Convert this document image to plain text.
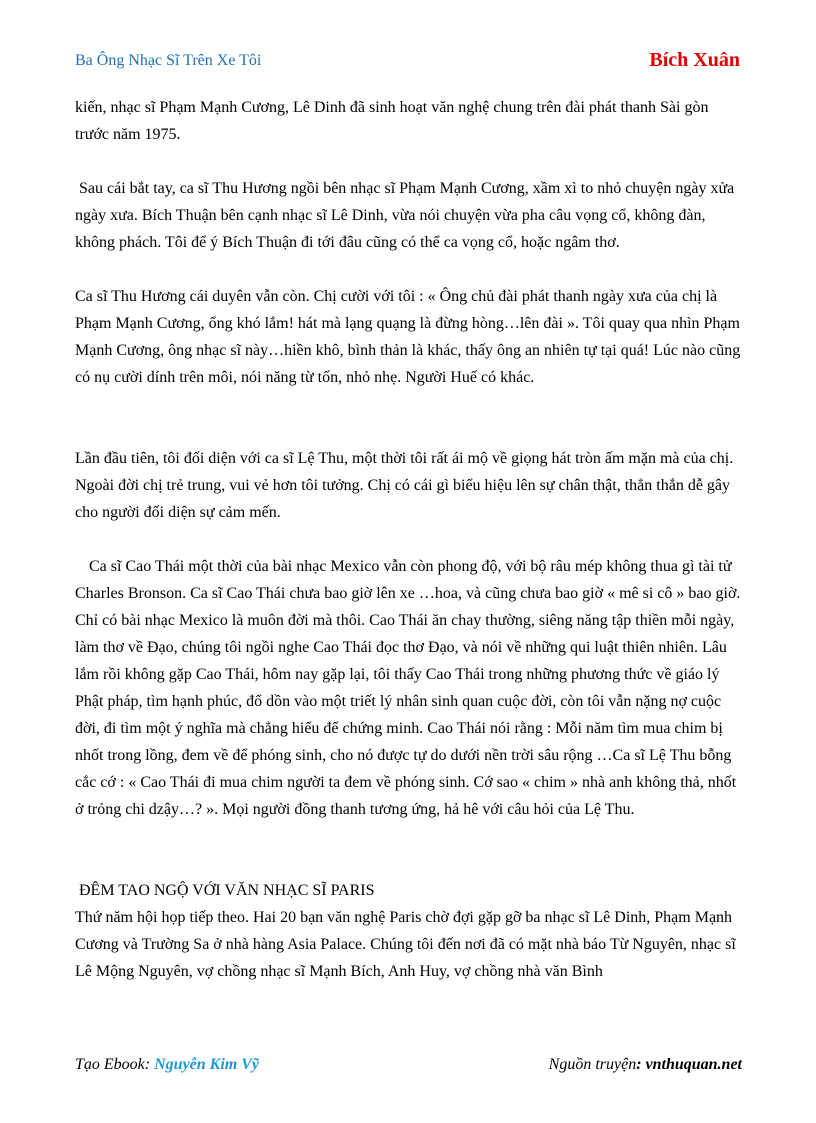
Ba Ông Nhạc Sĩ Trên Xe Tôi	Bích Xuân

kiến, nhạc sĩ Phạm Mạnh Cương, Lê Dinh đã sinh hoạt văn nghệ chung trên đài phát thanh Sài gòn trước năm 1975.

Sau cái bắt tay, ca sĩ Thu Hương ngồi bên nhạc sĩ Phạm Mạnh Cương, xầm xì to nhỏ chuyện ngày xửa ngày xưa. Bích Thuận bên cạnh nhạc sĩ Lê Dinh, vừa nói chuyện vừa pha câu vọng cổ, không đàn, không phách. Tôi để ý Bích Thuận đi tới đâu cũng có thể ca vọng cổ, hoặc ngâm thơ.

Ca sĩ Thu Hương cái duyên vẫn còn. Chị cười với tôi : « Ông chủ đài phát thanh ngày xưa của chị là Phạm Mạnh Cương, ổng khó lắm! hát mà lạng quạng là đừng hòng…lên đài ». Tôi quay qua nhìn Phạm Mạnh Cương, ông nhạc sĩ này…hiền khô, bình thản là khác, thấy ông an nhiên tự tại quá! Lúc nào cũng có nụ cười dính trên môi, nói năng từ tốn, nhỏ nhẹ. Người Huế có khác.

Lần đầu tiên, tôi đối diện với ca sĩ Lệ Thu, một thời tôi rất ái mộ về giọng hát tròn ấm mặn mà của chị. Ngoài đời chị trẻ trung, vui vẻ hơn tôi tưởng. Chị có cái gì biểu hiệu lên sự chân thật, thẳn thắn dễ gây cho người đối diện sự cảm mến.

Ca sĩ Cao Thái một thời của bài nhạc Mexico vẫn còn phong độ, với bộ râu mép không thua gì tài tử Charles Bronson. Ca sĩ Cao Thái chưa bao giờ lên xe …hoa, và cũng chưa bao giờ « mê si cô » bao giờ. Chỉ có bài nhạc Mexico là muôn đời mà thôi. Cao Thái ăn chay thường, siêng năng tập thiền mỗi ngày, làm thơ về Đạo, chúng tôi ngồi nghe Cao Thái đọc thơ Đạo, và nói về những qui luật thiên nhiên. Lâu lắm rồi không gặp Cao Thái, hôm nay gặp lại, tôi thấy Cao Thái trong những phương thức về giáo lý Phật pháp, tìm hạnh phúc, đổ dồn vào một triết lý nhân sinh quan cuộc đời, còn tôi vẫn nặng nợ cuộc đời, đi tìm một ý nghĩa mà chẳng hiểu để chứng minh. Cao Thái nói rằng : Mỗi năm tìm mua chim bị nhốt trong lồng, đem về để phóng sinh, cho nó được tự do dưới nền trời sâu rộng …Ca sĩ Lệ Thu bỗng cắc cớ : « Cao Thái đi mua chim người ta đem về phóng sinh. Cớ sao « chim » nhà anh không thả, nhốt ở trỏng chi dzậy…? ». Mọi người đồng thanh tương ứng, hả hê với câu hỏi của Lệ Thu.

ĐÊM TAO NGỘ VỚI VĂN NHẠC SĨ PARIS

Thứ năm hội họp tiếp theo. Hai 20 bạn văn nghệ Paris chờ đợi gặp gỡ ba nhạc sĩ Lê Dinh, Phạm Mạnh Cương và Trường Sa ở nhà hàng Asia Palace. Chúng tôi đến nơi đã có mặt nhà báo Từ Nguyên, nhạc sĩ Lê Mộng Nguyên, vợ chồng nhạc sĩ Mạnh Bích, Anh Huy, vợ chồng nhà văn Bình

Tạo Ebook: Nguyễn Kim Vỹ	Nguồn truyện: vnthuquan.net
